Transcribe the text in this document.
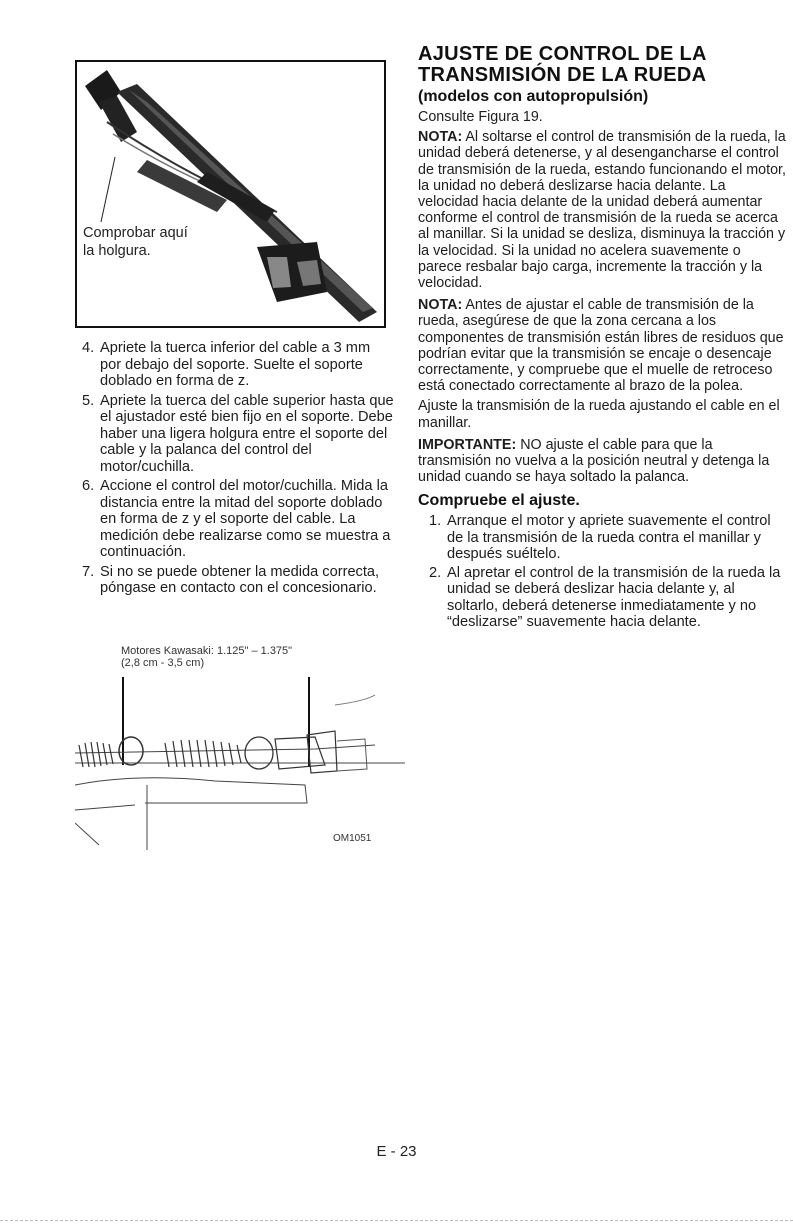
Comprobar aquí
la holgura.
4. Apriete la tuerca inferior del cable a 3 mm por debajo del soporte. Suelte el soporte doblado en forma de z.
5. Apriete la tuerca del cable superior hasta que el ajustador esté bien fijo en el soporte. Debe haber una ligera holgura entre el soporte del cable y la palanca del control del motor/cuchilla.
6. Accione el control del motor/cuchilla. Mida la distancia entre la mitad del soporte doblado en forma de z y el soporte del cable. La medición debe realizarse como se muestra a continuación.
7. Si no se puede obtener la medida correcta, póngase en contacto con el concesionario.
Motores Kawasaki: 1.125" – 1.375"
(2,8 cm - 3,5 cm)
OM1051
AJUSTE DE CONTROL DE LA
TRANSMISIÓN DE LA RUEDA
(modelos con autopropulsión)
Consulte Figura 19.
NOTA: Al soltarse el control de transmisión de la rueda, la unidad deberá detenerse, y al desengancharse el control de transmisión de la rueda, estando funcionando el motor, la unidad no deberá deslizarse hacia delante. La velocidad hacia delante de la unidad deberá aumentar conforme el control de transmisión de la rueda se acerca al manillar. Si la unidad se desliza, disminuya la tracción y la velocidad. Si la unidad no acelera suavemente o parece resbalar bajo carga, incremente la tracción y la velocidad.
NOTA: Antes de ajustar el cable de transmisión de la rueda, asegúrese de que la zona cercana a los componentes de transmisión están libres de residuos que podrían evitar que la transmisión se encaje o desencaje correctamente, y compruebe que el muelle de retroceso está conectado correctamente al brazo de la polea.
Ajuste la transmisión de la rueda ajustando el cable en el manillar.
IMPORTANTE: NO ajuste el cable para que la transmisión no vuelva a la posición neutral y detenga la unidad cuando se haya soltado la palanca.
Compruebe el ajuste.
1. Arranque el motor y apriete suavemente el control de la transmisión de la rueda contra el manillar y después suéltelo.
2. Al apretar el control de la transmisión de la rueda la unidad se deberá deslizar hacia delante y, al soltarlo, deberá detenerse inmediatamente y no “deslizarse” suavemente hacia delante.
E - 23
